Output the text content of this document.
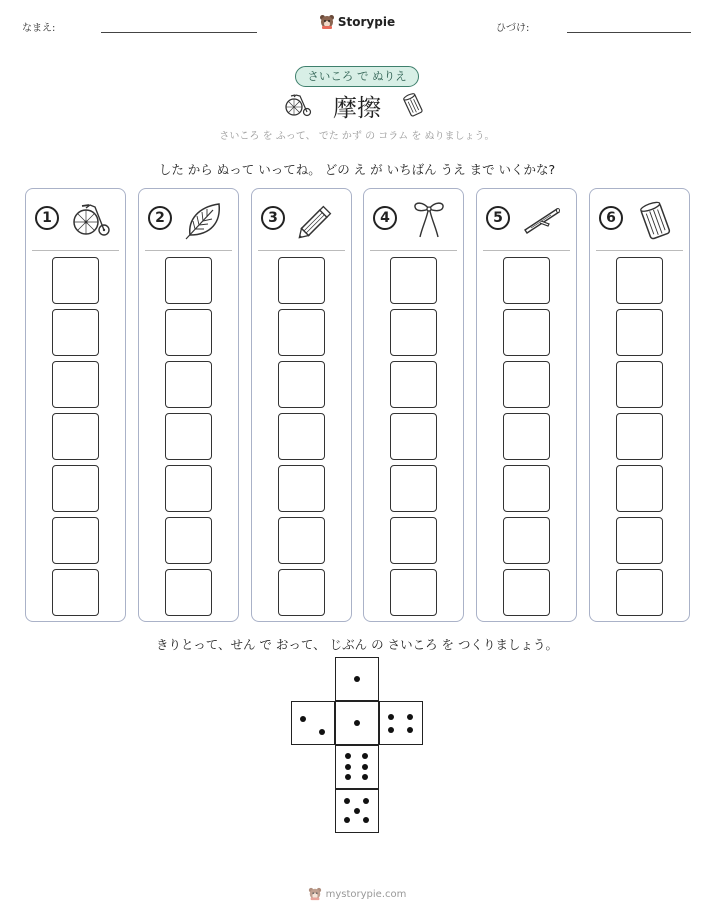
なまえ:	Storypie	ひづけ:
さいころ で ぬりえ
摩擦
さいころ を ふって、 でた かず の コラム を ぬりましょう。
した から ぬって いってね。 どの え が いちばん うえ まで いくかな?
1	2	3	4	5	6
きりとって、せん で おって、 じぶん の さいころ を つくりましょう。
mystorypie.com
